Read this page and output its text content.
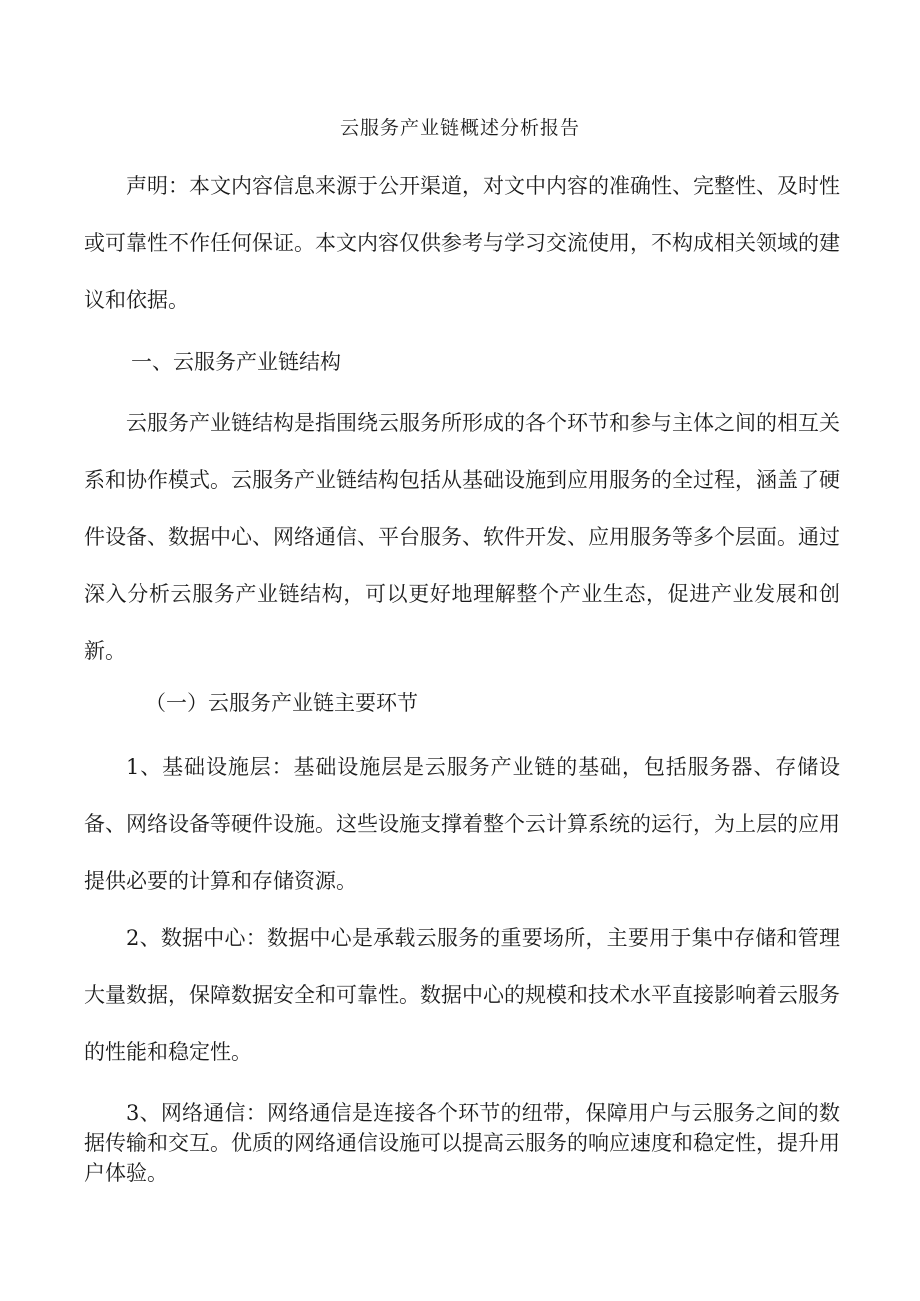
云服务产业链概述分析报告

声明：本文内容信息来源于公开渠道，对文中内容的准确性、完整性、及时性或可靠性不作任何保证。本文内容仅供参考与学习交流使用，不构成相关领域的建议和依据。

一、云服务产业链结构

云服务产业链结构是指围绕云服务所形成的各个环节和参与主体之间的相互关系和协作模式。云服务产业链结构包括从基础设施到应用服务的全过程，涵盖了硬件设备、数据中心、网络通信、平台服务、软件开发、应用服务等多个层面。通过深入分析云服务产业链结构，可以更好地理解整个产业生态，促进产业发展和创新。

（一）云服务产业链主要环节

1、基础设施层：基础设施层是云服务产业链的基础，包括服务器、存储设备、网络设备等硬件设施。这些设施支撑着整个云计算系统的运行，为上层的应用提供必要的计算和存储资源。

2、数据中心：数据中心是承载云服务的重要场所，主要用于集中存储和管理大量数据，保障数据安全和可靠性。数据中心的规模和技术水平直接影响着云服务的性能和稳定性。

3、网络通信：网络通信是连接各个环节的纽带，保障用户与云服务之间的数据传输和交互。优质的网络通信设施可以提高云服务的响应速度和稳定性，提升用户体验。
